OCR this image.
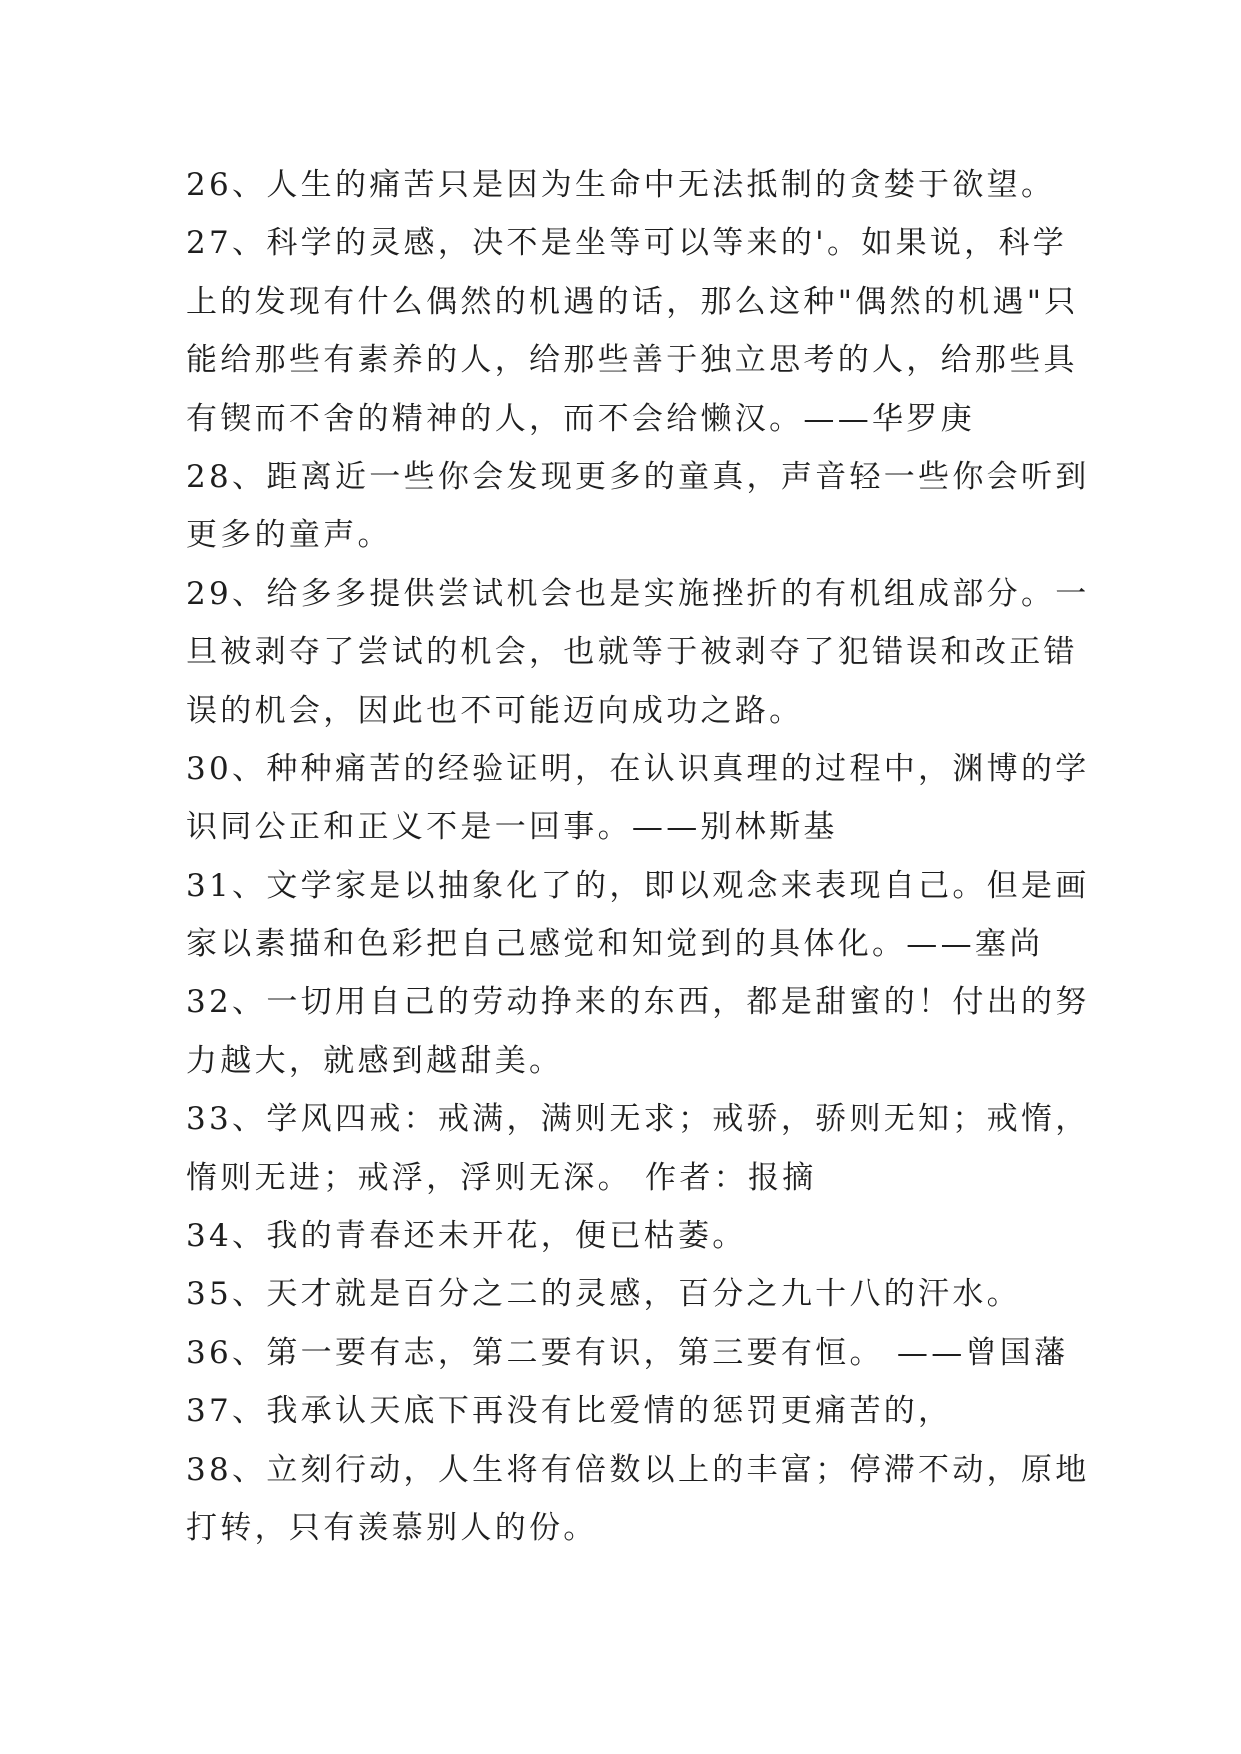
26、人生的痛苦只是因为生命中无法抵制的贪婪于欲望。
27、科学的灵感，决不是坐等可以等来的'。如果说，科学
上的发现有什么偶然的机遇的话，那么这种"偶然的机遇"只
能给那些有素养的人，给那些善于独立思考的人，给那些具
有锲而不舍的精神的人，而不会给懒汉。——华罗庚
28、距离近一些你会发现更多的童真，声音轻一些你会听到
更多的童声。
29、给多多提供尝试机会也是实施挫折的有机组成部分。一
旦被剥夺了尝试的机会，也就等于被剥夺了犯错误和改正错
误的机会，因此也不可能迈向成功之路。
30、种种痛苦的经验证明，在认识真理的过程中，渊博的学
识同公正和正义不是一回事。——别林斯基
31、文学家是以抽象化了的，即以观念来表现自己。但是画
家以素描和色彩把自己感觉和知觉到的具体化。——塞尚
32、一切用自己的劳动挣来的东西，都是甜蜜的！付出的努
力越大，就感到越甜美。
33、学风四戒：戒满，满则无求；戒骄，骄则无知；戒惰，
惰则无进；戒浮，浮则无深。 作者：报摘
34、我的青春还未开花，便已枯萎。
35、天才就是百分之二的灵感，百分之九十八的汗水。
36、第一要有志，第二要有识，第三要有恒。 ——曾国藩
37、我承认天底下再没有比爱情的惩罚更痛苦的，
38、立刻行动，人生将有倍数以上的丰富；停滞不动，原地
打转，只有羡慕别人的份。
